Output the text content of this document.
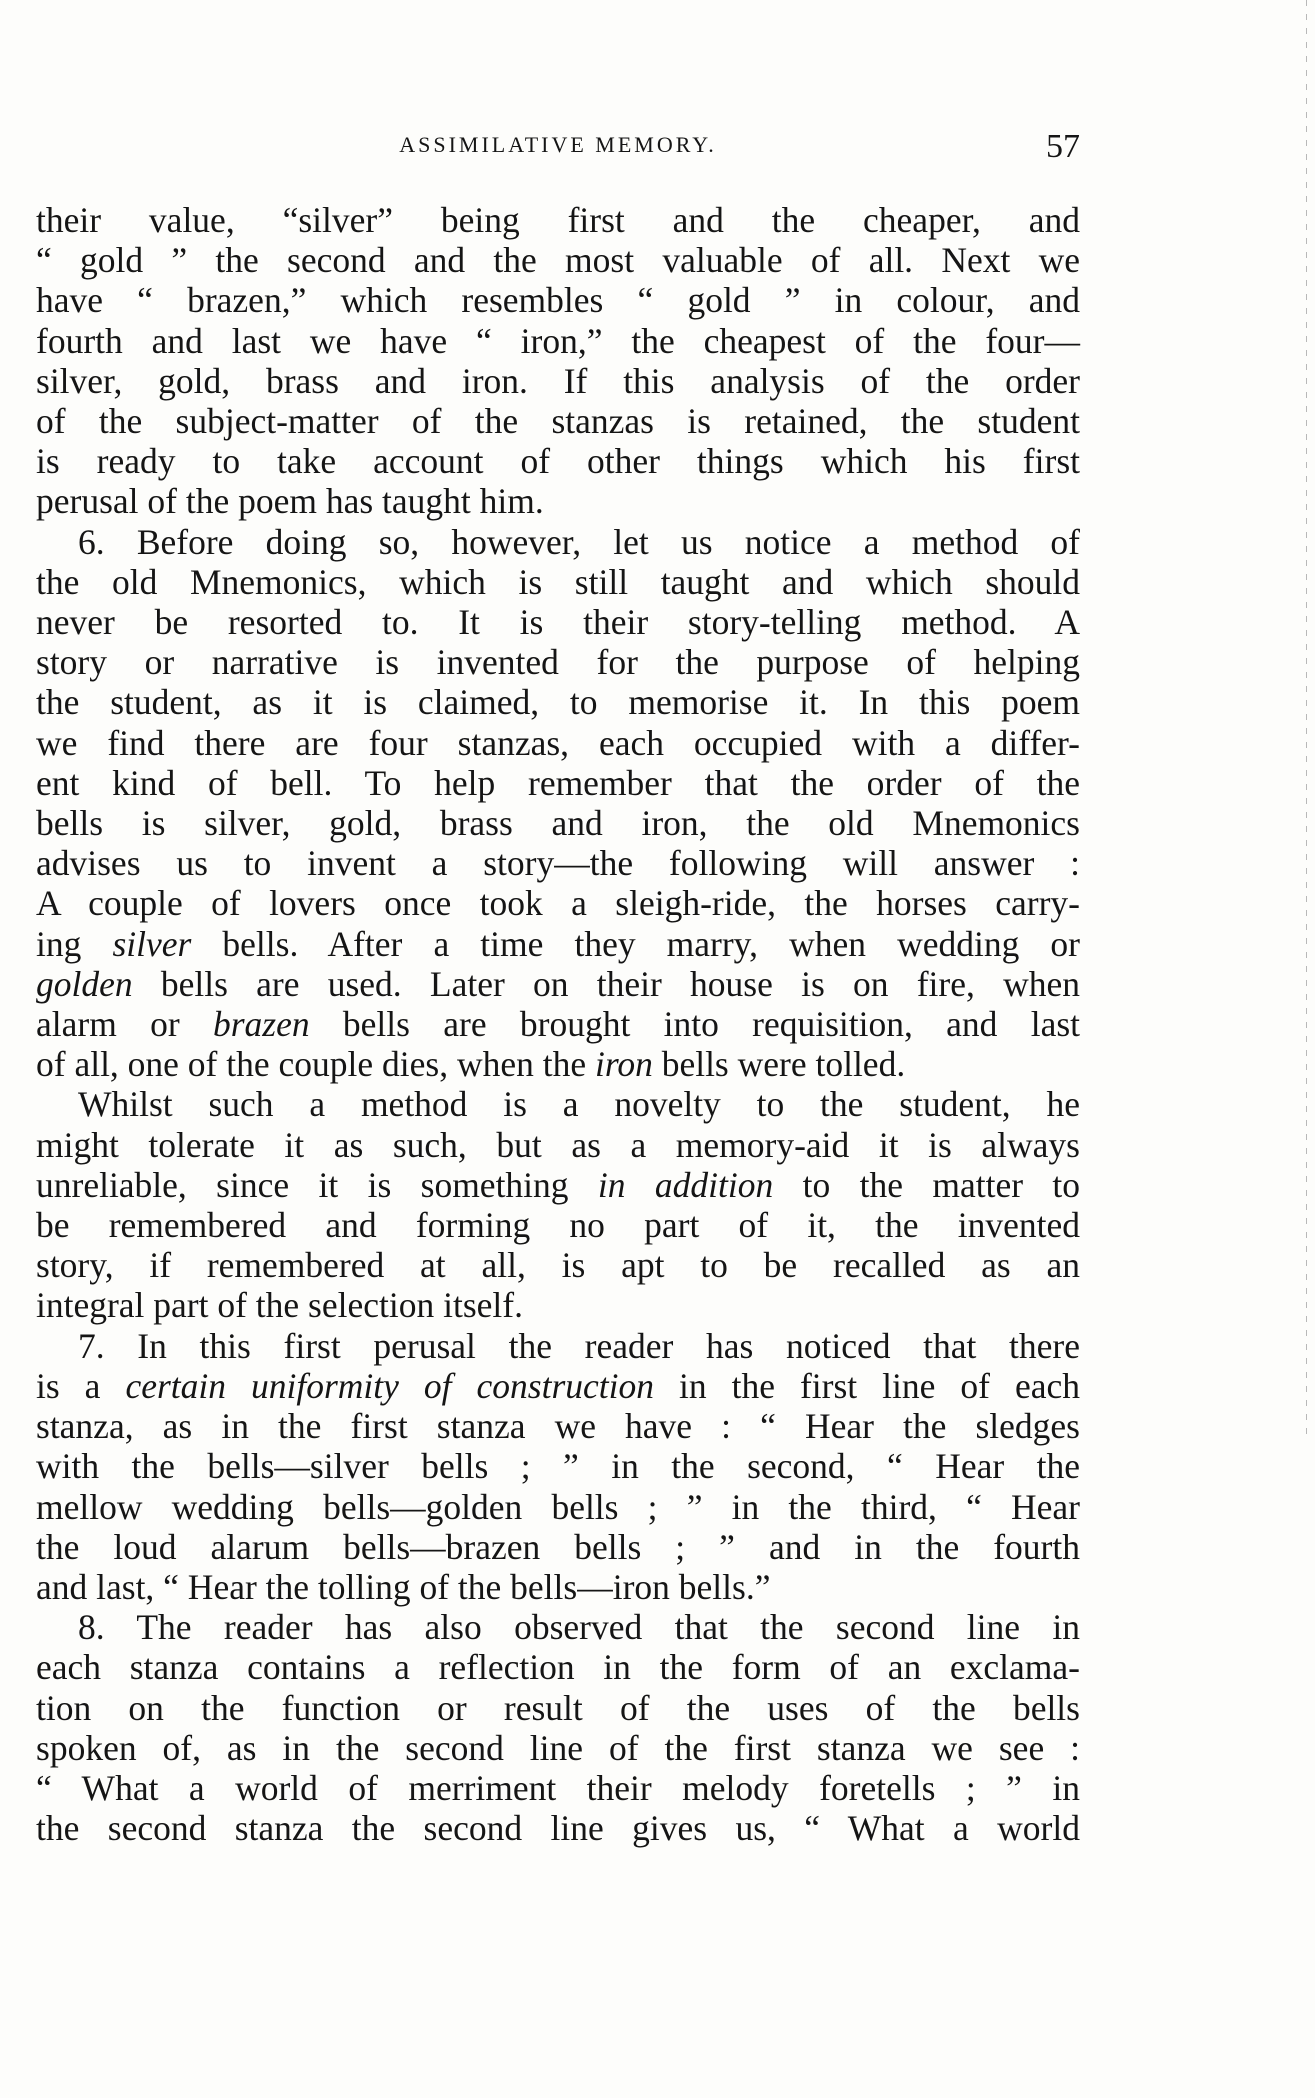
ASSIMILATIVE MEMORY.	57

their value, “silver” being first and the cheaper, and
“ gold ” the second and the most valuable of all. Next we
have “ brazen,” which resembles “ gold ” in colour, and
fourth and last we have “ iron,” the cheapest of the four—
silver, gold, brass and iron. If this analysis of the order
of the subject-matter of the stanzas is retained, the student
is ready to take account of other things which his first
perusal of the poem has taught him.

6. Before doing so, however, let us notice a method of
the old Mnemonics, which is still taught and which should
never be resorted to. It is their story-telling method. A
story or narrative is invented for the purpose of helping
the student, as it is claimed, to memorise it. In this poem
we find there are four stanzas, each occupied with a differ-
ent kind of bell. To help remember that the order of the
bells is silver, gold, brass and iron, the old Mnemonics
advises us to invent a story—the following will answer :
A couple of lovers once took a sleigh-ride, the horses carry-
ing silver bells. After a time they marry, when wedding or
golden bells are used. Later on their house is on fire, when
alarm or brazen bells are brought into requisition, and last
of all, one of the couple dies, when the iron bells were tolled.

Whilst such a method is a novelty to the student, he
might tolerate it as such, but as a memory-aid it is always
unreliable, since it is something in addition to the matter to
be remembered and forming no part of it, the invented
story, if remembered at all, is apt to be recalled as an
integral part of the selection itself.

7. In this first perusal the reader has noticed that there
is a certain uniformity of construction in the first line of each
stanza, as in the first stanza we have : “ Hear the sledges
with the bells—silver bells ; ” in the second, “ Hear the
mellow wedding bells—golden bells ; ” in the third, “ Hear
the loud alarum bells—brazen bells ; ” and in the fourth
and last, “ Hear the tolling of the bells—iron bells.”

8. The reader has also observed that the second line in
each stanza contains a reflection in the form of an exclama-
tion on the function or result of the uses of the bells
spoken of, as in the second line of the first stanza we see :
“ What a world of merriment their melody foretells ; ” in
the second stanza the second line gives us, “ What a world
